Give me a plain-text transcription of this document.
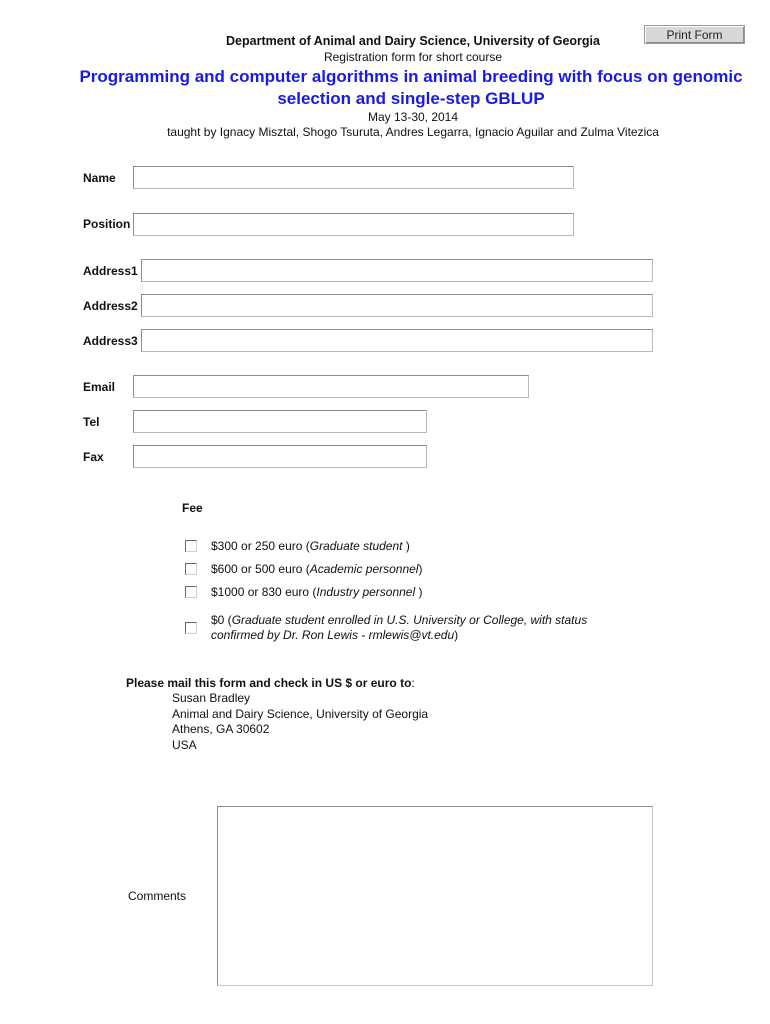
Print Form
Department of Animal and Dairy Science, University of Georgia
Registration form for short course
Programming and computer algorithms in animal breeding with focus on genomic
selection and single-step GBLUP
May 13-30, 2014
taught by Ignacy Misztal, Shogo Tsuruta, Andres Legarra, Ignacio Aguilar and Zulma Vitezica
Name
Position
Address1
Address2
Address3
Email
Tel
Fax
Fee
$300 or 250 euro (Graduate student )
$600 or 500 euro (Academic personnel)
$1000 or 830 euro (Industry personnel )
$0 (Graduate student enrolled in U.S. University or College, with status
confirmed by Dr. Ron Lewis - rmlewis@vt.edu)
Please mail this form and check in US $ or euro to:
Susan Bradley
Animal and Dairy Science, University of Georgia
Athens, GA 30602
USA
Comments
